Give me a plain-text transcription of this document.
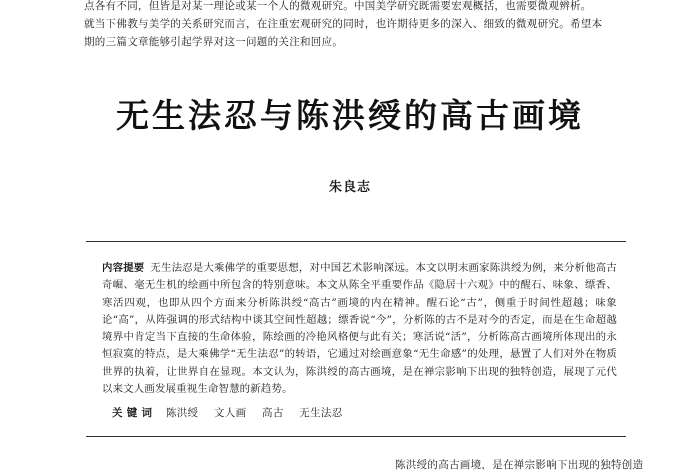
点各有不同，但皆是对某一理论或某一个人的微观研究。中国美学研究既需要宏观概括，也需要微观辨析。

就当下佛教与美学的关系研究而言，在注重宏观研究的同时，也许期待更多的深入、细致的微观研究。希望本

期的三篇文章能够引起学界对这一问题的关注和回应。

无生法忍与陈洪绶的高古画境
朱良志
内容提要 无生法忍是大乘佛学的重要思想，对中国艺术影响深远。本文以明末画家陈洪绶为例，来分析他高古奇崛、毫无生机的绘画中所包含的特别意味。本文从陈全平重要作品《隐居十六观》中的醒石、味象、缥香、寒活四观，也即从四个方面来分析陈洪绶“高古”画境的内在精神。醒石论“古”，侧重于时间性超越；味象论“高”，从阵强调的形式结构中谈其空间性超越；缥香说“今”，分析陈的古不是对今的否定，而是在生命超越境界中肯定当下直接的生命体验，陈绘画的冷艳风格便与此有关；寒活说“活”，分析陈高古画境所体现出的永恒寂寞的特点，是大乘佛学“无生法忍”的转语，它通过对绘画意象“无生命感”的处理，悬置了人们对外在物质世界的执着，让世界自在显现。本文认为，陈洪绶的高古画境，是在禅宗影响下出现的独特创造，展现了元代以来文人画发展重视生命智慧的新趋势。
关 键 词 陈洪绶 文人画 高古 无生法忍
陈洪绶的高古画境，是在禅宗影响下出现的独特创造
